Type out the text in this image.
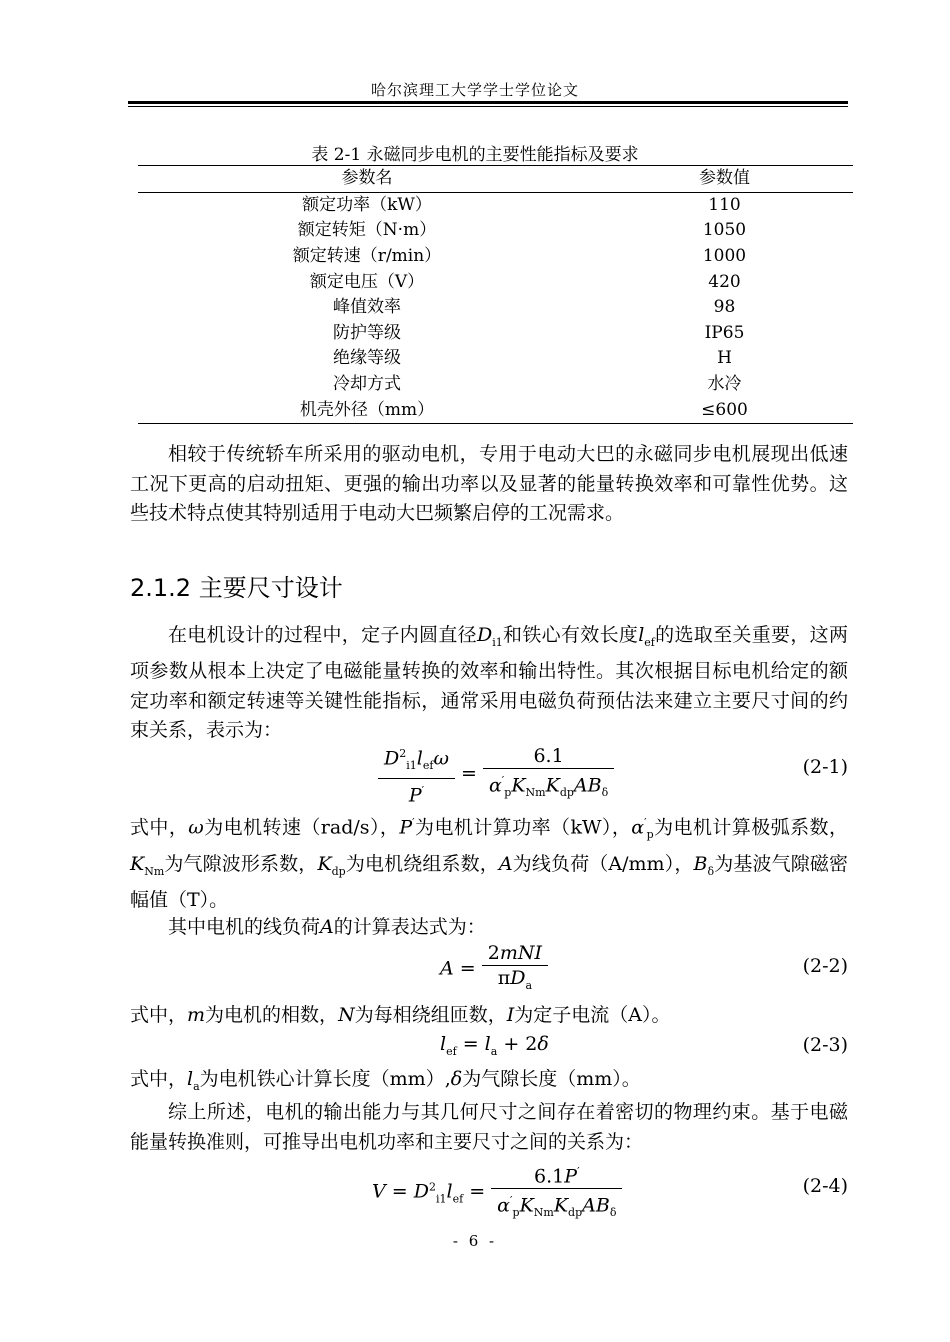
哈尔滨理工大学学士学位论文
表 2-1 永磁同步电机的主要性能指标及要求
参数名	参数值
额定功率（kW）	110
额定转矩（N·m）	1050
额定转速（r/min）	1000
额定电压（V）	420
峰值效率	98
防护等级	IP65
绝缘等级	H
冷却方式	水冷
机壳外径（mm）	≤600
相较于传统轿车所采用的驱动电机，专用于电动大巴的永磁同步电机展现出低速工况下更高的启动扭矩、更强的输出功率以及显著的能量转换效率和可靠性优势。这些技术特点使其特别适用于电动大巴频繁启停的工况需求。
2.1.2 主要尺寸设计
在电机设计的过程中，定子内圆直径$D_{i1}$和铁心有效长度$l_{ef}$的选取至关重要，这两项参数从根本上决定了电磁能量转换的效率和输出特性。其次根据目标电机给定的额定功率和额定转速等关键性能指标，通常采用电磁负荷预估法来建立主要尺寸间的约束关系，表示为：
$\frac{D^2_{i1}l_{ef}\omega}{P'} = \frac{6.1}{\alpha'_pK_{Nm}K_{dp}AB_\delta}$	(2-1)
式中，ω为电机转速（rad/s），P′为电机计算功率（kW），$\alpha'_p$为电机计算极弧系数，$K_{Nm}$为气隙波形系数，$K_{dp}$为电机绕组系数，A为线负荷（A/mm），$B_\delta$为基波气隙磁密幅值（T）。
其中电机的线负荷A的计算表达式为：
$A = \frac{\text{2mNI}}{\pi D_a}$	(2-2)
式中，m为电机的相数，N为每相绕组匝数，I为定子电流（A）。
$l_{ef} = l_a + 2\delta$	(2-3)
式中，$l_a$为电机铁心计算长度（mm）,δ为气隙长度（mm）。
综上所述，电机的输出能力与其几何尺寸之间存在着密切的物理约束。基于电磁能量转换准则，可推导出电机功率和主要尺寸之间的关系为：
$V = D^2_{i1}l_{ef} = \frac{6.1P'}{\alpha'_pK_{Nm}K_{dp}AB_\delta}$	(2-4)
- 6 -
